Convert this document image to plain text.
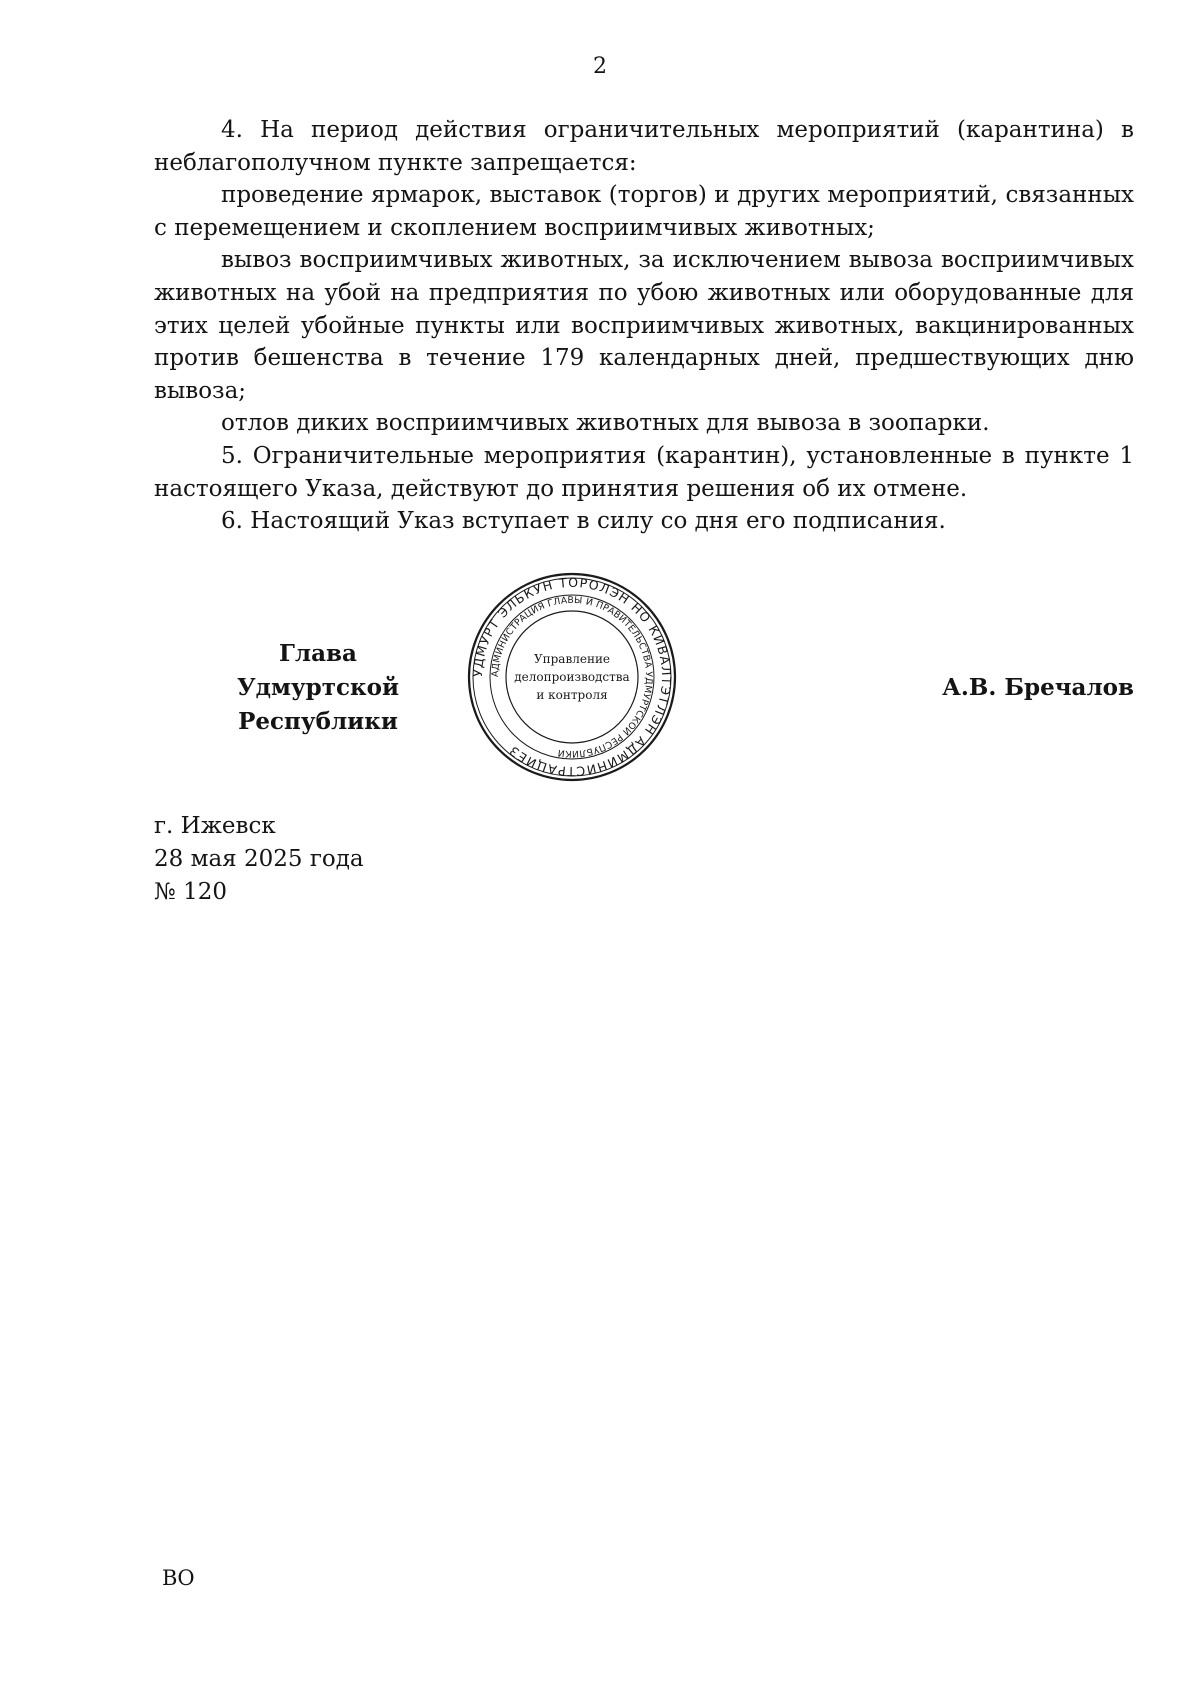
2

4. На период действия ограничительных мероприятий (карантина) в неблагополучном пункте запрещается:

проведение ярмарок, выставок (торгов) и других мероприятий, связанных с перемещением и скоплением восприимчивых животных;

вывоз восприимчивых животных, за исключением вывоза восприимчивых животных на убой на предприятия по убою животных или оборудованные для этих целей убойные пункты или восприимчивых животных, вакцинированных против бешенства в течение 179 календарных дней, предшествующих дню вывоза;

отлов диких восприимчивых животных для вывоза в зоопарки.

5. Ограничительные мероприятия (карантин), установленные в пункте 1 настоящего Указа, действуют до принятия решения об их отмене.

6. Настоящий Указ вступает в силу со дня его подписания.

Глава
Удмуртской Республики
УДМУРТ ЭЛЬКУН ТОРОЛЭН НО КИВАЛТЭТЛЭН АДМИНИСТРАЦИЕЗ
АДМИНИСТРАЦИЯ ГЛАВЫ И ПРАВИТЕЛЬСТВА УДМУРТСКОЙ РЕСПУБЛИКИ
Управление
делопроизводства
и контроля	А.В. Бречалов
г. Ижевск
28 мая 2025 года
№ 120
ВО
